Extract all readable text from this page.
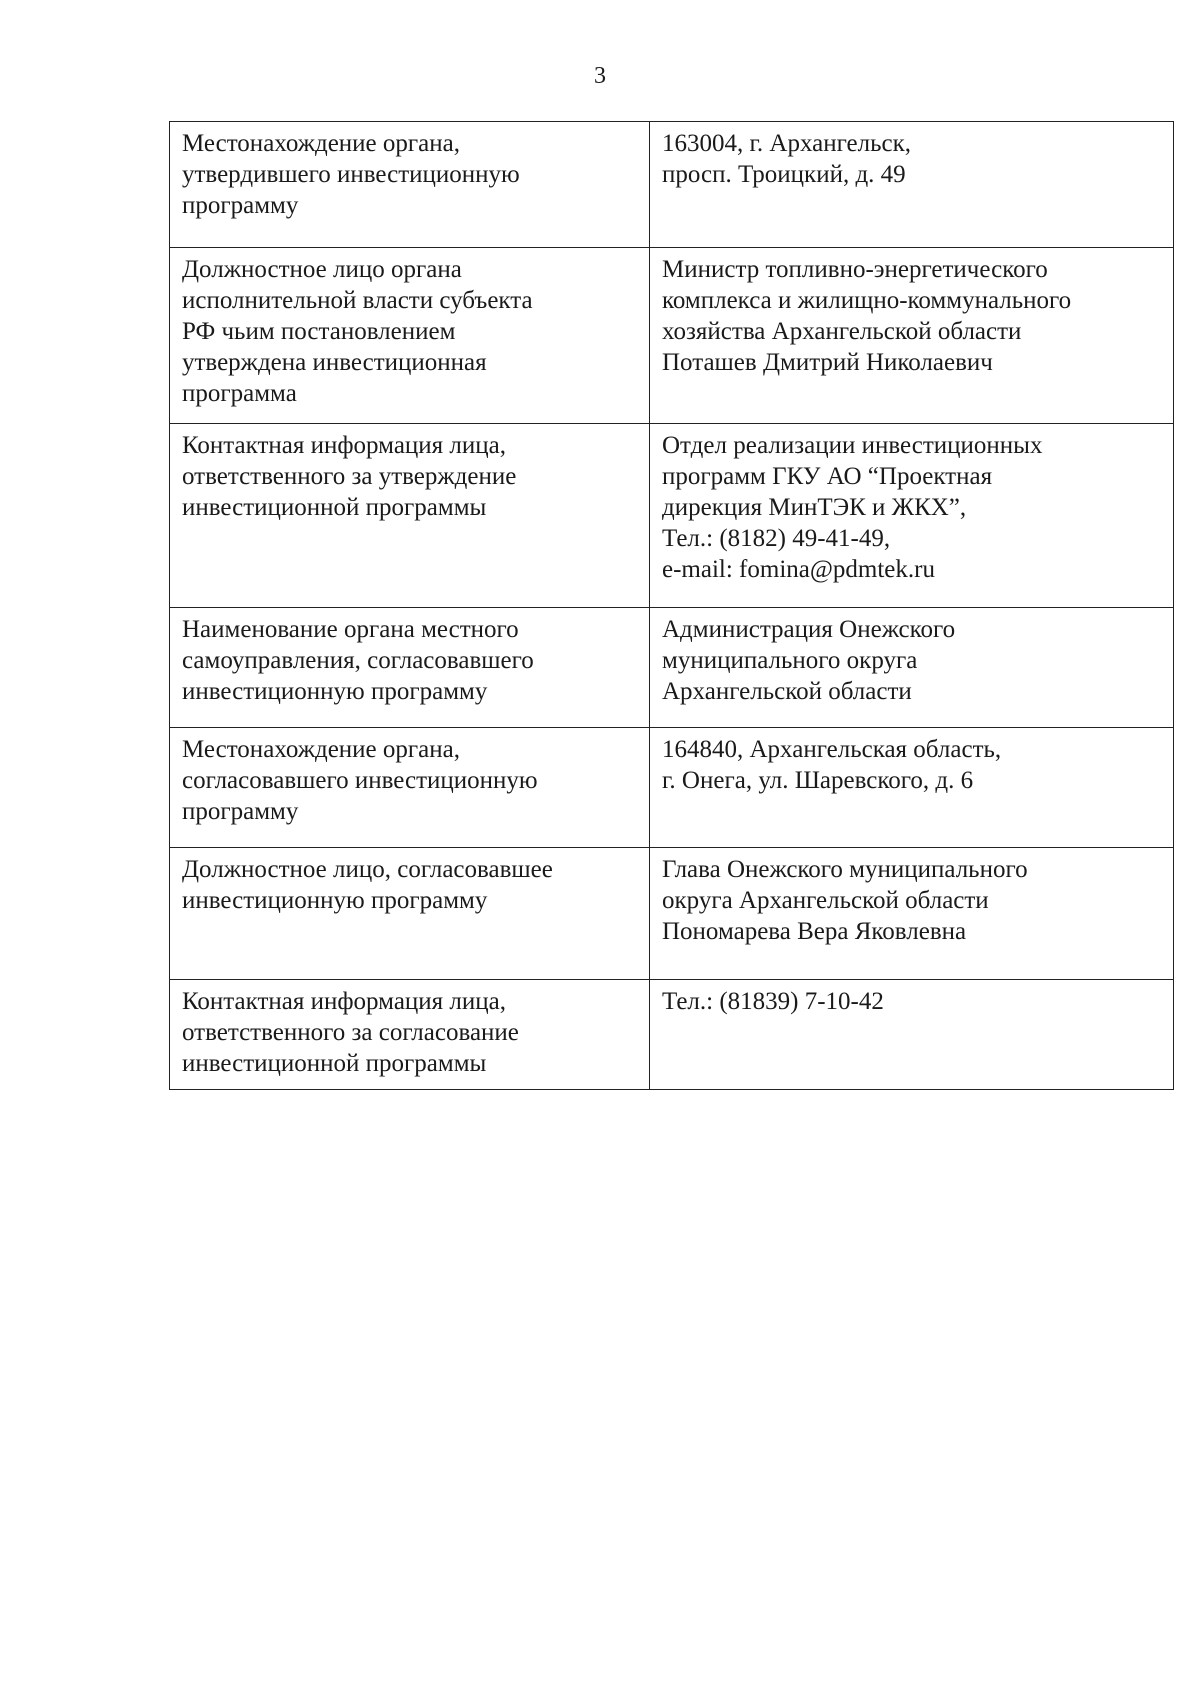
3
Местонахождение органа,
утвердившего инвестиционную
программу	163004, г. Архангельск,
просп. Троицкий, д. 49

Должностное лицо органа
исполнительной власти субъекта
РФ чьим постановлением
утверждена инвестиционная
программа	Министр топливно-энергетического
комплекса и жилищно-коммунального
хозяйства Архангельской области
Поташев Дмитрий Николаевич

Контактная информация лица,
ответственного за утверждение
инвестиционной программы	Отдел реализации инвестиционных
программ ГКУ АО “Проектная
дирекция МинТЭК и ЖКХ”,
Тел.: (8182) 49-41-49,
e-mail: fomina@pdmtek.ru

Наименование органа местного
самоуправления, согласовавшего
инвестиционную программу	Администрация Онежского
муниципального округа
Архангельской области

Местонахождение органа,
согласовавшего инвестиционную
программу	164840, Архангельская область,
г. Онега, ул. Шаревского, д. 6

Должностное лицо, согласовавшее
инвестиционную программу	Глава Онежского муниципального
округа Архангельской области
Пономарева Вера Яковлевна

Контактная информация лица,
ответственного за согласование
инвестиционной программы	Тел.: (81839) 7-10-42
